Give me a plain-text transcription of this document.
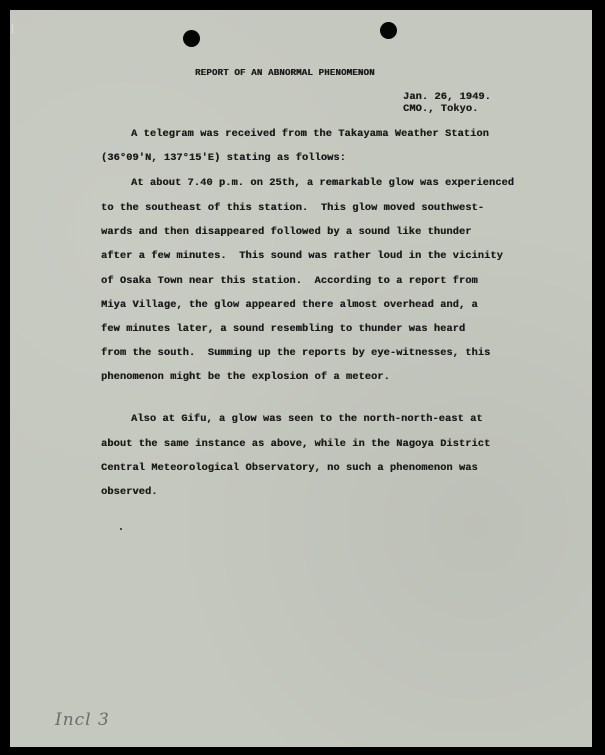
REPORT OF AN ABNORMAL PHENOMENON
Jan. 26, 1949.
CMO., Tokyo.
A telegram was received from the Takayama Weather Station
(36°09'N, 137°15'E) stating as follows:
At about 7.40 p.m. on 25th, a remarkable glow was experienced
to the southeast of this station.  This glow moved southwest-
wards and then disappeared followed by a sound like thunder
after a few minutes.  This sound was rather loud in the vicinity
of Osaka Town near this station.  According to a report from
Miya Village, the glow appeared there almost overhead and, a
few minutes later, a sound resembling to thunder was heard
from the south.  Summing up the reports by eye-witnesses, this
phenomenon might be the explosion of a meteor.
Also at Gifu, a glow was seen to the north-north-east at
about the same instance as above, while in the Nagoya District
Central Meteorological Observatory, no such a phenomenon was
observed.
Incl 3
